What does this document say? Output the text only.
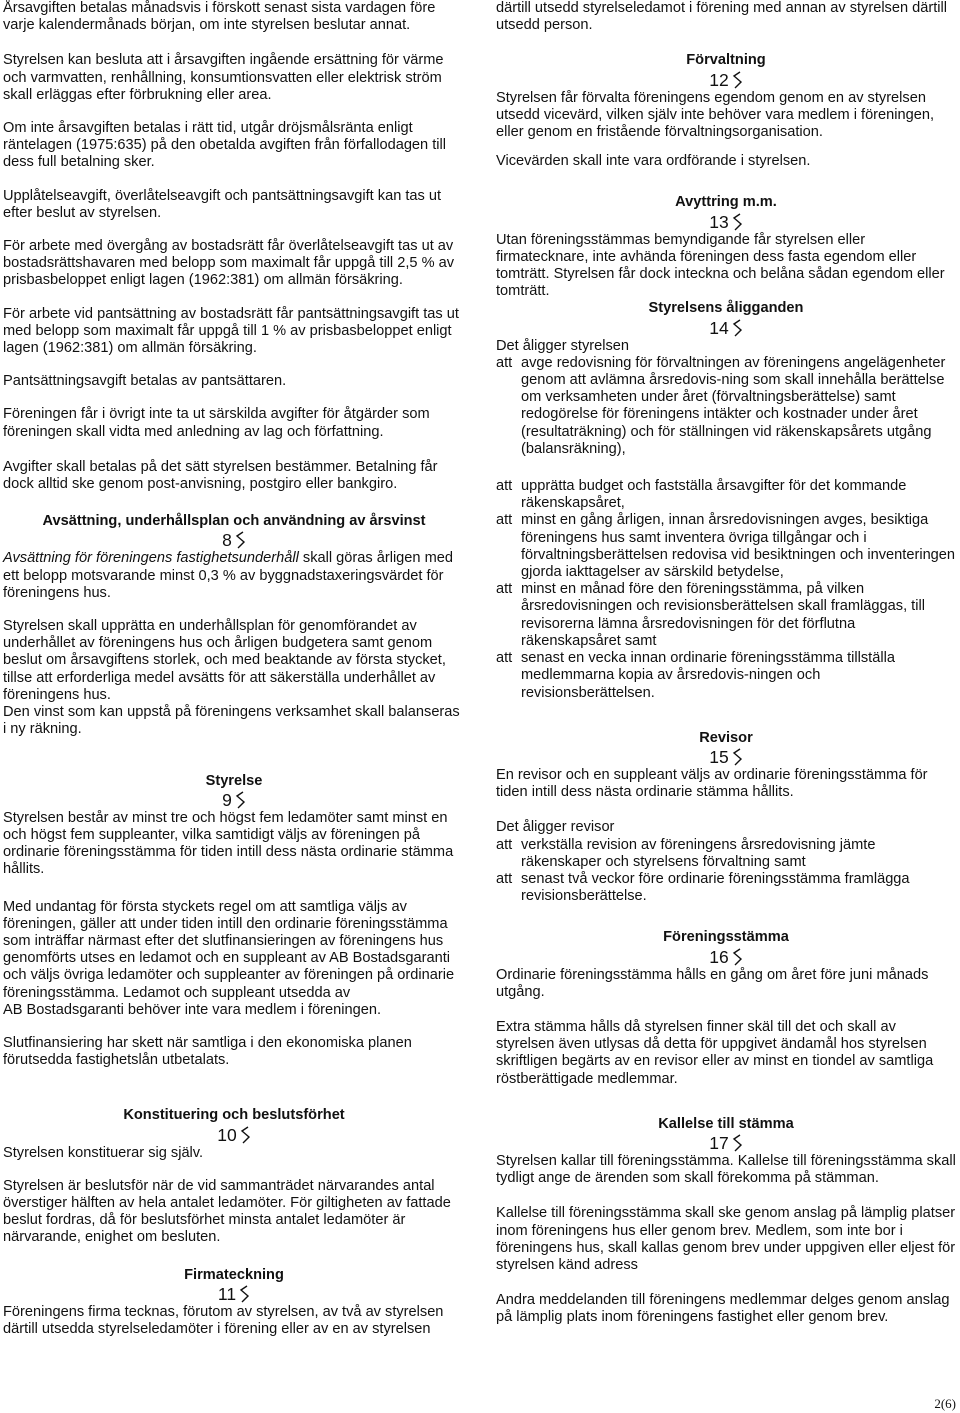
Årsavgiften betalas månadsvis i förskott senast sista vardagen före varje kalendermånads början, om inte styrelsen beslutar annat.

Styrelsen kan besluta att i årsavgiften ingående ersättning för värme och varmvatten, renhållning, konsumtionsvatten eller elektrisk ström skall erläggas efter förbrukning eller area.

Om inte årsavgiften betalas i rätt tid, utgår dröjsmålsränta enligt räntelagen (1975:635) på den obetalda avgiften från förfallodagen till dess full betalning sker.

Upplåtelseavgift, överlåtelseavgift och pantsättningsavgift kan tas ut efter beslut av styrelsen.

För arbete med övergång av bostadsrätt får överlåtelseavgift tas ut av bostadsrättshavaren med belopp som maximalt får uppgå till 2,5 % av prisbasbeloppet enligt lagen (1962:381) om allmän försäkring.

För arbete vid pantsättning av bostadsrätt får pantsättningsavgift tas ut med belopp som maximalt får uppgå till 1 % av prisbasbeloppet enligt lagen (1962:381) om allmän försäkring.

Pantsättningsavgift betalas av pantsättaren.

Föreningen får i övrigt inte ta ut särskilda avgifter för åtgärder som föreningen skall vidta med anledning av lag och författning.

Avgifter skall betalas på det sätt styrelsen bestämmer. Betalning får dock alltid ske genom post-anvisning, postgiro eller bankgiro.

Avsättning, underhållsplan och användning av årsvinst

8

Avsättning för föreningens fastighetsunderhåll skall göras årligen med ett belopp motsvarande minst 0,3 % av byggnadstaxeringsvärdet för föreningens hus.

Styrelsen skall upprätta en underhållsplan för genomförandet av underhållet av föreningens hus och årligen budgetera samt genom beslut om årsavgiftens storlek, och med beaktande av första stycket, tillse att erforderliga medel avsätts för att säkerställa underhållet av föreningens hus.

Den vinst som kan uppstå på föreningens verksamhet skall balanseras i ny räkning.

Styrelse

9

Styrelsen består av minst tre och högst fem ledamöter samt minst en och högst fem suppleanter, vilka samtidigt väljs av föreningen på ordinarie föreningsstämma för tiden intill dess nästa ordinarie stämma hållits.

Med undantag för första styckets regel om att samtliga väljs av föreningen, gäller att under tiden intill den ordinarie föreningsstämma som inträffar närmast efter det slutfinansieringen av föreningens hus genomförts utses en ledamot och en suppleant av AB Bostadsgaranti och väljs övriga ledamöter och suppleanter av föreningen på ordinarie föreningsstämma. Ledamot och suppleant utsedda av

AB Bostadsgaranti behöver inte vara medlem i föreningen.

Slutfinansiering har skett när samtliga i den ekonomiska planen förutsedda fastighetslån utbetalats.

Konstituering och beslutsförhet

10

Styrelsen konstituerar sig själv.

Styrelsen är beslutsför när de vid sammanträdet närvarandes antal överstiger hälften av hela antalet ledamöter. För giltigheten av fattade beslut fordras, då för beslutsförhet minsta antalet ledamöter är närvarande, enighet om besluten.

Firmateckning

11

Föreningens firma tecknas, förutom av styrelsen, av två av styrelsen därtill utsedda styrelseledamöter i förening eller av en av styrelsen

därtill utsedd styrelseledamot i förening med annan av styrelsen därtill utsedd person.

Förvaltning

12

Styrelsen får förvalta föreningens egendom genom en av styrelsen utsedd vicevärd, vilken själv inte behöver vara medlem i föreningen, eller genom en fristående förvaltningsorganisation.

Vicevärden skall inte vara ordförande i styrelsen.

Avyttring m.m.

13

Utan föreningsstämmas bemyndigande får styrelsen eller firmatecknare, inte avhända föreningen dess fasta egendom eller tomträtt. Styrelsen får dock inteckna och belåna sådan egendom eller tomträtt.

Styrelsens åligganden

14

Det åligger styrelsen

att avge redovisning för förvaltningen av föreningens angelägenheter genom att avlämna årsredovis-ning som skall innehålla berättelse om verksamheten under året (förvaltningsberättelse) samt redogörelse för föreningens intäkter och kostnader under året (resultaträkning) och för ställningen vid räkenskapsårets utgång (balansräkning),
att upprätta budget och fastställa årsavgifter för det kommande räkenskapsåret,
att minst en gång årligen, innan årsredovisningen avges, besiktiga föreningens hus samt inventera övriga tillgångar och i förvaltningsberättelsen redovisa vid besiktningen och inventeringen gjorda iakttagelser av särskild betydelse,
att minst en månad före den föreningsstämma, på vilken årsredovisningen och revisionsberättelsen skall framläggas, till revisorerna lämna årsredovisningen för det förflutna räkenskapsåret samt
att senast en vecka innan ordinarie föreningsstämma tillställa medlemmarna kopia av årsredovis-ningen och revisionsberättelsen.

Revisor

15

En revisor och en suppleant väljs av ordinarie föreningsstämma för tiden intill dess nästa ordinarie stämma hållits.

Det åligger revisor

att verkställa revision av föreningens årsredovisning jämte räkenskaper och styrelsens förvaltning samt
att senast två veckor före ordinarie föreningsstämma framlägga revisionsberättelse.

Föreningsstämma

16

Ordinarie föreningsstämma hålls en gång om året före juni månads utgång.

Extra stämma hålls då styrelsen finner skäl till det och skall av styrelsen även utlysas då detta för uppgivet ändamål hos styrelsen skriftligen begärts av en revisor eller av minst en tiondel av samtliga röstberättigade medlemmar.

Kallelse till stämma

17

Styrelsen kallar till föreningsstämma. Kallelse till föreningsstämma skall tydligt ange de ärenden som skall förekomma på stämman.

Kallelse till föreningsstämma skall ske genom anslag på lämplig platser inom föreningens hus eller genom brev. Medlem, som inte bor i föreningens hus, skall kallas genom brev under uppgiven eller eljest för styrelsen känd adress

Andra meddelanden till föreningens medlemmar delges genom anslag på lämplig plats inom föreningens fastighet eller genom brev.

2(6)
